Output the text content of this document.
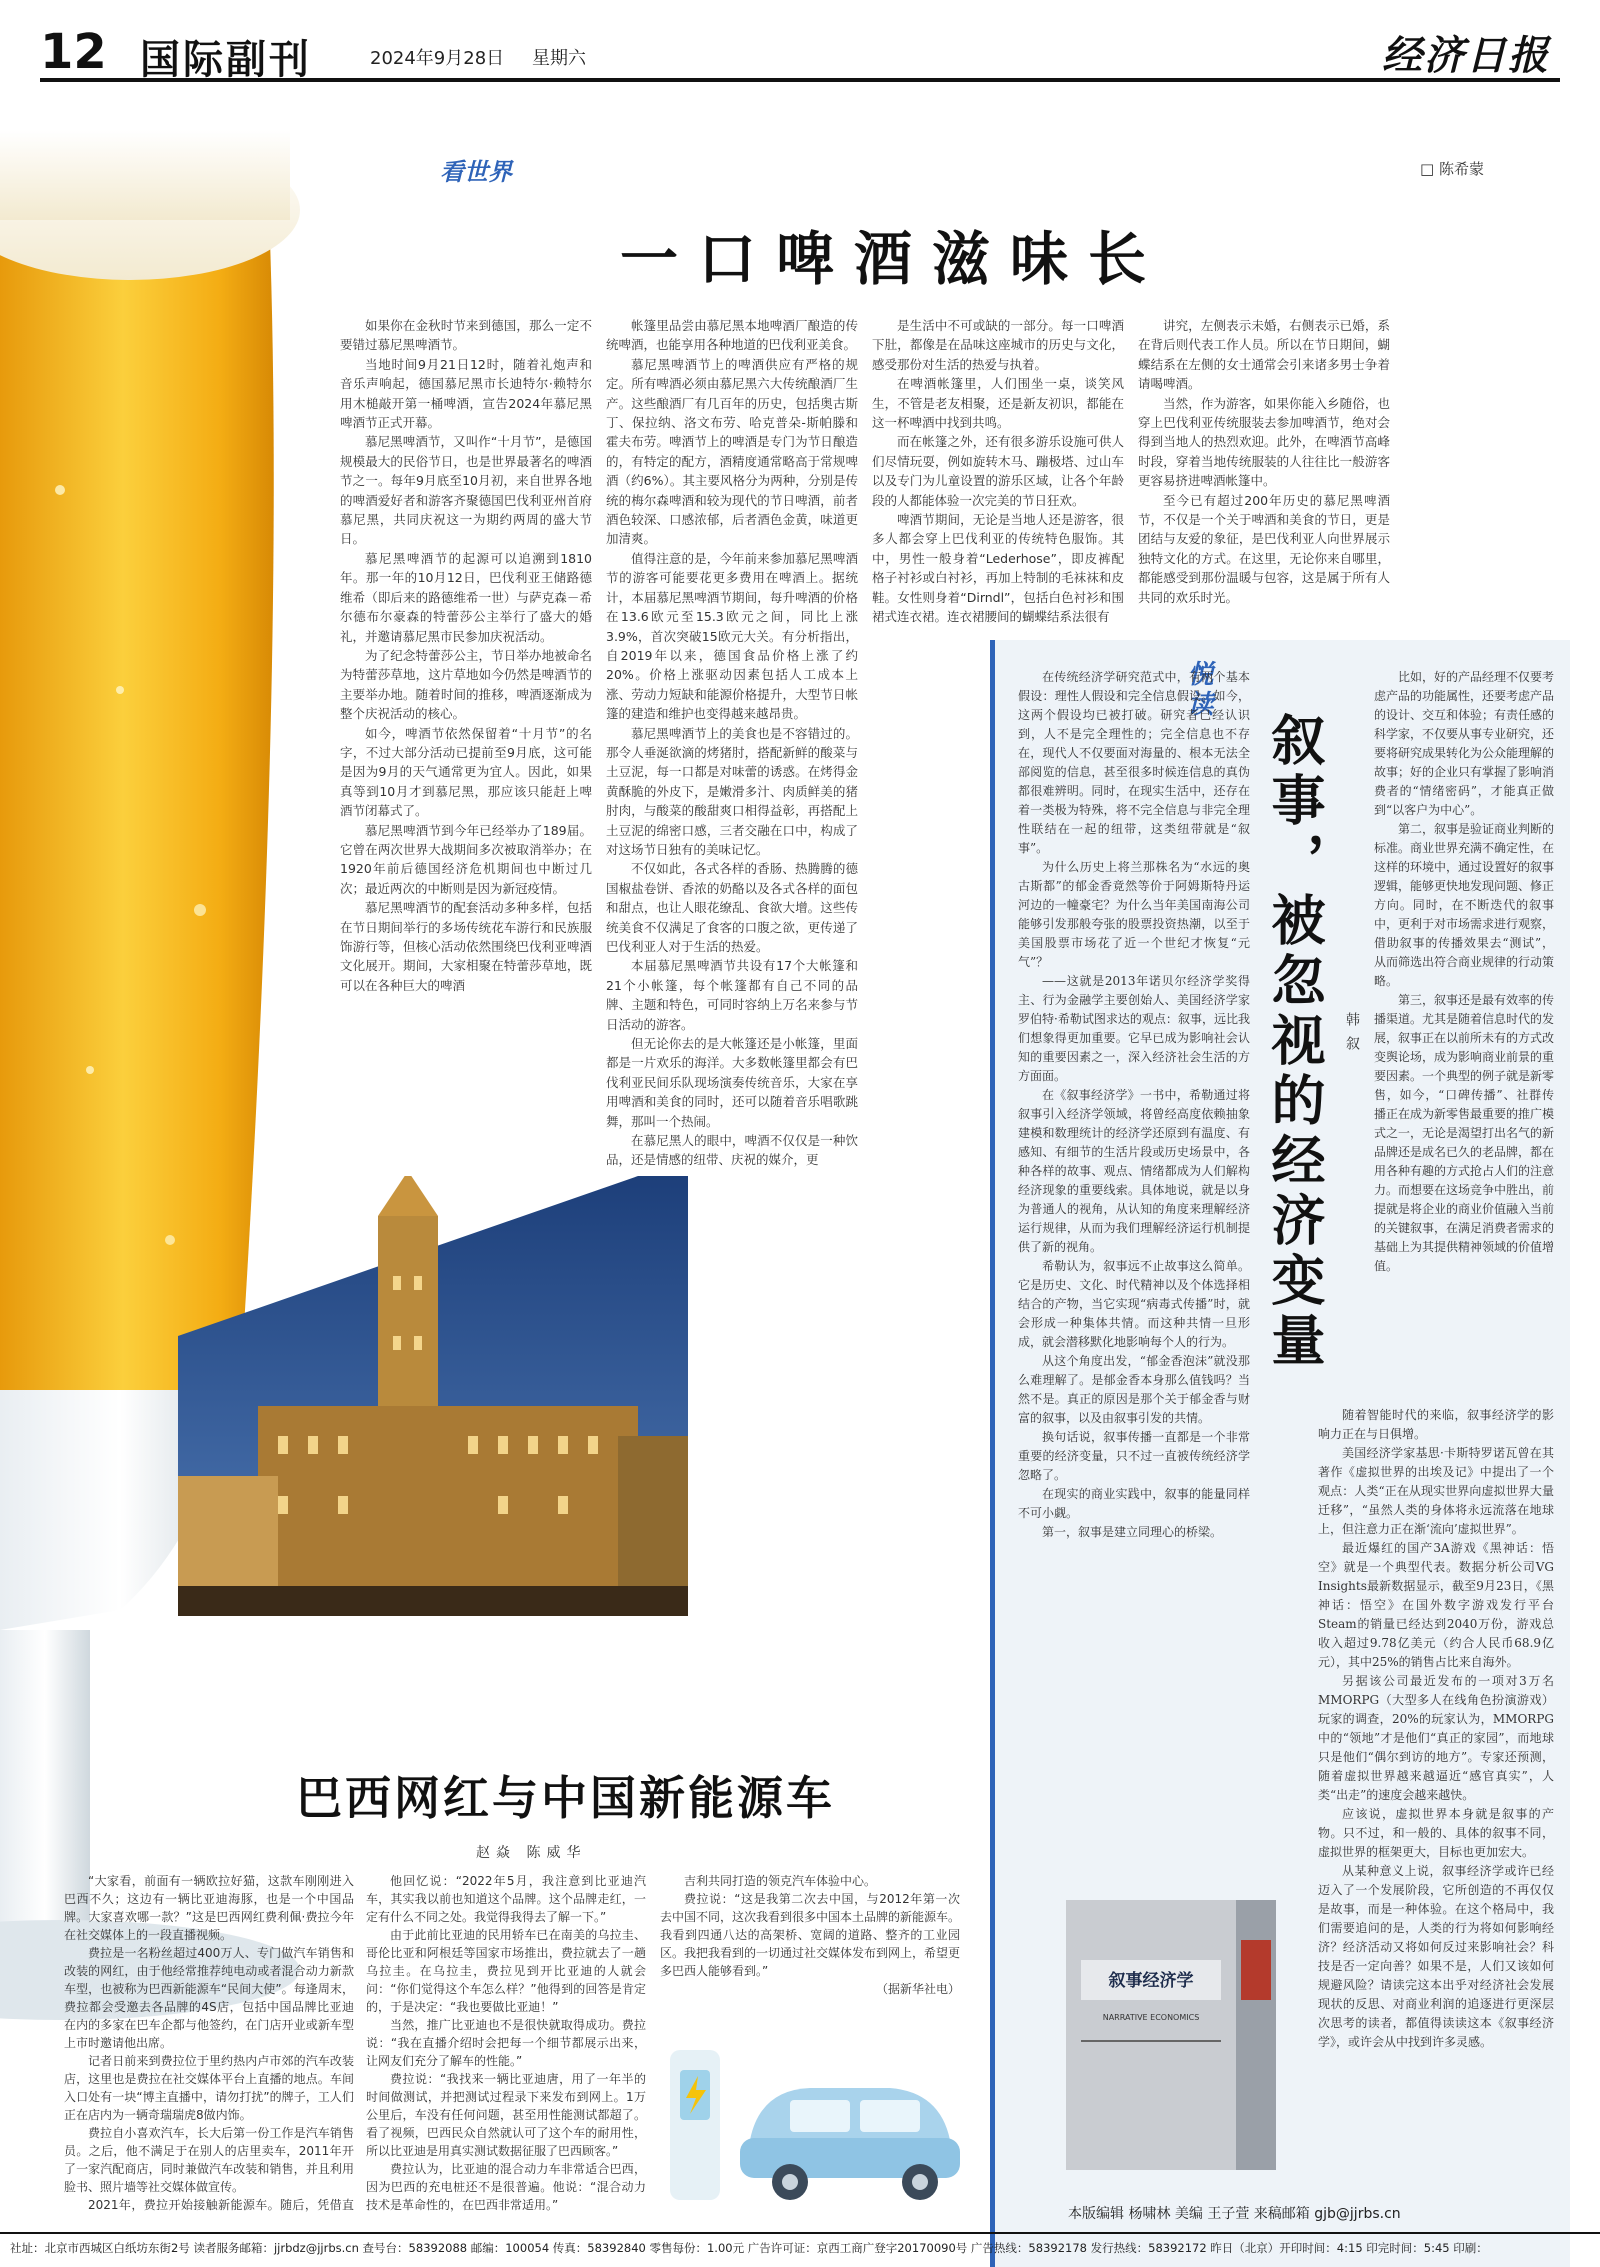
12 国际副刊	2024年9月28日 星期六	经济日报
看世界	□ 陈希蒙
一口啤酒滋味长

如果你在金秋时节来到德国，那么一定不要错过慕尼黑啤酒节。

当地时间9月21日12时，随着礼炮声和音乐声响起，德国慕尼黑市长迪特尔·赖特尔用木槌敲开第一桶啤酒，宣告2024年慕尼黑啤酒节正式开幕。

慕尼黑啤酒节，又叫作“十月节”，是德国规模最大的民俗节日，也是世界最著名的啤酒节之一。每年9月底至10月初，来自世界各地的啤酒爱好者和游客齐聚德国巴伐利亚州首府慕尼黑，共同庆祝这一为期约两周的盛大节日。

慕尼黑啤酒节的起源可以追溯到1810年。那一年的10月12日，巴伐利亚王储路德维希（即后来的路德维希一世）与萨克森－希尔德布尔豪森的特蕾莎公主举行了盛大的婚礼，并邀请慕尼黑市民参加庆祝活动。

为了纪念特蕾莎公主，节日举办地被命名为特蕾莎草地，这片草地如今仍然是啤酒节的主要举办地。随着时间的推移，啤酒逐渐成为整个庆祝活动的核心。

如今，啤酒节依然保留着“十月节”的名字，不过大部分活动已提前至9月底，这可能是因为9月的天气通常更为宜人。因此，如果真等到10月才到慕尼黑，那应该只能赶上啤酒节闭幕式了。

慕尼黑啤酒节到今年已经举办了189届。它曾在两次世界大战期间多次被取消举办；在1920年前后德国经济危机期间也中断过几次；最近两次的中断则是因为新冠疫情。

慕尼黑啤酒节的配套活动多种多样，包括在节日期间举行的多场传统花车游行和民族服饰游行等，但核心活动依然围绕巴伐利亚啤酒文化展开。期间，大家相聚在特蕾莎草地，既可以在各种巨大的啤酒

帐篷里品尝由慕尼黑本地啤酒厂酿造的传统啤酒，也能享用各种地道的巴伐利亚美食。

慕尼黑啤酒节上的啤酒供应有严格的规定。所有啤酒必须由慕尼黑六大传统酿酒厂生产。这些酿酒厂有几百年的历史，包括奥古斯丁、保拉纳、洛文布劳、哈克普朵-斯帕滕和霍夫布劳。啤酒节上的啤酒是专门为节日酿造的，有特定的配方，酒精度通常略高于常规啤酒（约6%）。其主要风格分为两种，分别是传统的梅尔森啤酒和较为现代的节日啤酒，前者酒色较深、口感浓郁，后者酒色金黄，味道更加清爽。

值得注意的是，今年前来参加慕尼黑啤酒节的游客可能要花更多费用在啤酒上。据统计，本届慕尼黑啤酒节期间，每升啤酒的价格在13.6欧元至15.3欧元之间，同比上涨3.9%，首次突破15欧元大关。有分析指出，自2019年以来，德国食品价格上涨了约20%。价格上涨驱动因素包括人工成本上涨、劳动力短缺和能源价格提升，大型节日帐篷的建造和维护也变得越来越昂贵。

慕尼黑啤酒节上的美食也是不容错过的。那令人垂涎欲滴的烤猪肘，搭配新鲜的酸菜与土豆泥，每一口都是对味蕾的诱惑。在烤得金黄酥脆的外皮下，是嫩滑多汁、肉质鲜美的猪肘肉，与酸菜的酸甜爽口相得益彰，再搭配上土豆泥的绵密口感，三者交融在口中，构成了对这场节日独有的美味记忆。

不仅如此，各式各样的香肠、热腾腾的德国椒盐卷饼、香浓的奶酪以及各式各样的面包和甜点，也让人眼花缭乱、食欲大增。这些传统美食不仅满足了食客的口腹之欲，更传递了巴伐利亚人对于生活的热爱。

本届慕尼黑啤酒节共设有17个大帐篷和21个小帐篷，每个帐篷都有自己不同的品牌、主题和特色，可同时容纳上万名来参与节日活动的游客。

但无论你去的是大帐篷还是小帐篷，里面都是一片欢乐的海洋。大多数帐篷里都会有巴伐利亚民间乐队现场演奏传统音乐，大家在享用啤酒和美食的同时，还可以随着音乐唱歌跳舞，那叫一个热闹。

在慕尼黑人的眼中，啤酒不仅仅是一种饮品，还是情感的纽带、庆祝的媒介，更

是生活中不可或缺的一部分。每一口啤酒下肚，都像是在品味这座城市的历史与文化，感受那份对生活的热爱与执着。

在啤酒帐篷里，人们围坐一桌，谈笑风生，不管是老友相聚，还是新友初识，都能在这一杯啤酒中找到共鸣。

而在帐篷之外，还有很多游乐设施可供人们尽情玩耍，例如旋转木马、蹦极塔、过山车以及专门为儿童设置的游乐区域，让各个年龄段的人都能体验一次完美的节日狂欢。

啤酒节期间，无论是当地人还是游客，很多人都会穿上巴伐利亚的传统特色服饰。其中，男性一般身着“Lederhose”，即皮裤配格子衬衫或白衬衫，再加上特制的毛袜袜和皮鞋。女性则身着“Dirndl”，包括白色衬衫和围裙式连衣裙。连衣裙腰间的蝴蝶结系法很有

讲究，左侧表示未婚，右侧表示已婚，系在背后则代表工作人员。所以在节日期间，蝴蝶结系在左侧的女士通常会引来诸多男士争着请喝啤酒。

当然，作为游客，如果你能入乡随俗，也穿上巴伐利亚传统服装去参加啤酒节，绝对会得到当地人的热烈欢迎。此外，在啤酒节高峰时段，穿着当地传统服装的人往往比一般游客更容易挤进啤酒帐篷中。

至今已有超过200年历史的慕尼黑啤酒节，不仅是一个关于啤酒和美食的节日，更是团结与友爱的象征，是巴伐利亚人向世界展示独特文化的方式。在这里，无论你来自哪里，都能感受到那份温暖与包容，这是属于所有人共同的欢乐时光。

悦读
叙事，被忽视的经济变量 韩叙

在传统经济学研究范式中，有两个基本假设：理性人假设和完全信息假设。如今，这两个假设均已被打破。研究者已经认识到，人不是完全理性的；完全信息也不存在，现代人不仅要面对海量的、根本无法全部阅览的信息，甚至很多时候连信息的真伪都很难辨明。同时，在现实生活中，还存在着一类极为特殊，将不完全信息与非完全理性联结在一起的纽带，这类纽带就是“叙事”。

为什么历史上将兰那株名为“水远的奥古斯都”的郁金香竟然等价于阿姆斯特丹运河边的一幢豪宅？为什么当年美国南海公司能够引发那般夸张的股票投资热潮，以至于美国股票市场花了近一个世纪才恢复“元气”？

——这就是2013年诺贝尔经济学奖得主、行为金融学主要创始人、美国经济学家罗伯特·希勒试图求达的观点：叙事，远比我们想象得更加重要。它早已成为影响社会认知的重要因素之一，深入经济社会生活的方方面面。

在《叙事经济学》一书中，希勒通过将叙事引入经济学领域，将曾经高度依赖抽象建模和数理统计的经济学还原到有温度、有感知、有细节的生活片段或历史场景中，各种各样的故事、观点、情绪都成为人们解构经济现象的重要线索。具体地说，就是以身为普通人的视角，从认知的角度来理解经济运行规律，从而为我们理解经济运行机制提供了新的视角。

希勒认为，叙事远不止故事这么简单。它是历史、文化、时代精神以及个体选择相结合的产物，当它实现“病毒式传播”时，就会形成一种集体共情。而这种共情一旦形成，就会潜移默化地影响每个人的行为。

从这个角度出发，“郁金香泡沫”就没那么难理解了。是郁金香本身那么值钱吗？当然不是。真正的原因是那个关于郁金香与财富的叙事，以及由叙事引发的共情。

换句话说，叙事传播一直都是一个非常重要的经济变量，只不过一直被传统经济学忽略了。

在现实的商业实践中，叙事的能量同样不可小觑。

第一，叙事是建立同理心的桥梁。

比如，好的产品经理不仅要考虑产品的功能属性，还要考虑产品的设计、交互和体验；有责任感的科学家，不仅要从事专业研究，还要将研究成果转化为公众能理解的故事；好的企业只有掌握了影响消费者的“情绪密码”，才能真正做到“以客户为中心”。

第二，叙事是验证商业判断的标准。商业世界充满不确定性，在这样的环境中，通过设置好的叙事逻辑，能够更快地发现问题、修正方向。同时，在不断迭代的叙事中，更利于对市场需求进行观察，借助叙事的传播效果去“测试”，从而筛选出符合商业规律的行动策略。

第三，叙事还是最有效率的传播渠道。尤其是随着信息时代的发展，叙事正在以前所未有的方式改变舆论场，成为影响商业前景的重要因素。一个典型的例子就是新零售，如今，“口碑传播”、社群传播正在成为新零售最重要的推广模式之一，无论是渴望打出名气的新品牌还是成名已久的老品牌，都在用各种有趣的方式抢占人们的注意力。而想要在这场竞争中胜出，前提就是将企业的商业价值融入当前的关键叙事，在满足消费者需求的基础上为其提供精神领域的价值增值。

随着智能时代的来临，叙事经济学的影响力正在与日俱增。

美国经济学家基思·卡斯特罗诺瓦曾在其著作《虚拟世界的出埃及记》中提出了一个观点：人类“正在从现实世界向虚拟世界大量迁移”，“虽然人类的身体将永远流落在地球上，但注意力正在渐‘流向’虚拟世界”。

最近爆红的国产3A游戏《黑神话：悟空》就是一个典型代表。数据分析公司VG Insights最新数据显示，截至9月23日，《黑神话：悟空》在国外数字游戏发行平台Steam的销量已经达到2040万份，游戏总收入超过9.78亿美元（约合人民币68.9亿元），其中25%的销售占比来自海外。

另据该公司最近发布的一项对3万名MMORPG（大型多人在线角色扮演游戏）玩家的调查，20%的玩家认为，MMORPG中的“领地”才是他们“真正的家园”，而地球只是他们“偶尔到访的地方”。专家还预测，随着虚拟世界越来越逼近“感官真实”，人类“出走”的速度会越来越快。

应该说，虚拟世界本身就是叙事的产物。只不过，和一般的、具体的叙事不同，虚拟世界的框架更大，目标也更加宏大。

从某种意义上说，叙事经济学或许已经迈入了一个发展阶段，它所创造的不再仅仅是故事，而是一种体验。在这个格局中，我们需要追问的是，人类的行为将如何影响经济？经济活动又将如何反过来影响社会？科技是否一定向善？如果不是，人们又该如何规避风险？请读完这本出乎对经济社会发展现状的反思、对商业利润的追逐进行更深层次思考的读者，都值得读读这本《叙事经济学》，或许会从中找到许多灵感。

叙事经济学
NARRATIVE ECONOMICS
巴西网红与中国新能源车
赵焱 陈威华

“大家看，前面有一辆欧拉好猫，这款车刚刚进入巴西不久；这边有一辆比亚迪海豚，也是一个中国品牌。大家喜欢哪一款？”这是巴西网红费利佩·费拉今年在社交媒体上的一段直播视频。

费拉是一名粉丝超过400万人、专门做汽车销售和改装的网红，由于他经常推荐纯电动或者混合动力新款车型，也被称为巴西新能源车“民间大使”。每逢周末，费拉都会受邀去各品牌的4S店，包括中国品牌比亚迪在内的多家在巴车企都与他签约，在门店开业或新车型上市时邀请他出席。

记者日前来到费拉位于里约热内卢市郊的汽车改装店，这里也是费拉在社交媒体平台上直播的地点。车间入口处有一块“博主直播中，请勿打扰”的牌子，工人们正在店内为一辆奇瑞瑞虎8做内饰。

费拉自小喜欢汽车，长大后第一份工作是汽车销售员。之后，他不满足于在别人的店里卖车，2011年开了一家汽配商店，同时兼做汽车改装和销售，并且利用脸书、照片墙等社交媒体做宣传。

2021年，费拉开始接触新能源车。随后，凭借直

他回忆说：“2022年5月，我注意到比亚迪汽车，其实我以前也知道这个品牌。这个品牌走红，一定有什么不同之处。我觉得我得去了解一下。”

由于此前比亚迪的民用轿车已在南美的乌拉圭、哥伦比亚和阿根廷等国家市场推出，费拉就去了一趟乌拉圭。在乌拉圭，费拉见到开比亚迪的人就会问：“你们觉得这个车怎么样？”他得到的回答是肯定的，于是决定：“我也要做比亚迪！”

当然，推广比亚迪也不是很快就取得成功。费拉说：“我在直播介绍时会把每一个细节都展示出来，让网友们充分了解车的性能。”

费拉说：“我找来一辆比亚迪唐，用了一年半的时间做测试，并把测试过程录下来发布到网上。1万公里后，车没有任何问题，甚至用性能测试都超了。看了视频，巴西民众自然就认可了这个车的耐用性，所以比亚迪是用真实测试数据征服了巴西顾客。”

费拉认为，比亚迪的混合动力车非常适合巴西，因为巴西的充电桩还不是很普遍。他说：“混合动力技术是革命性的，在巴西非常适用。”

吉利共同打造的领克汽车体验中心。

费拉说：“这是我第二次去中国，与2012年第一次去中国不同，这次我看到很多中国本土品牌的新能源车。我看到四通八达的高架桥、宽阔的道路、整齐的工业园区。我把我看到的一切通过社交媒体发布到网上，希望更多巴西人能够看到。”

（据新华社电）

本版编辑 杨啸林 美编 王子萱 来稿邮箱 gjb@jjrbs.cn
社址：北京市西城区白纸坊东街2号 读者服务邮箱：jjrbdz@jjrbs.cn 查号台：58392088 邮编：100054 传真：58392840 零售每份：1.00元 广告许可证：京西工商广登字20170090号 广告热线：58392178 发行热线：58392172 昨日（北京）开印时间：4:15 印完时间：5:45 印刷：
